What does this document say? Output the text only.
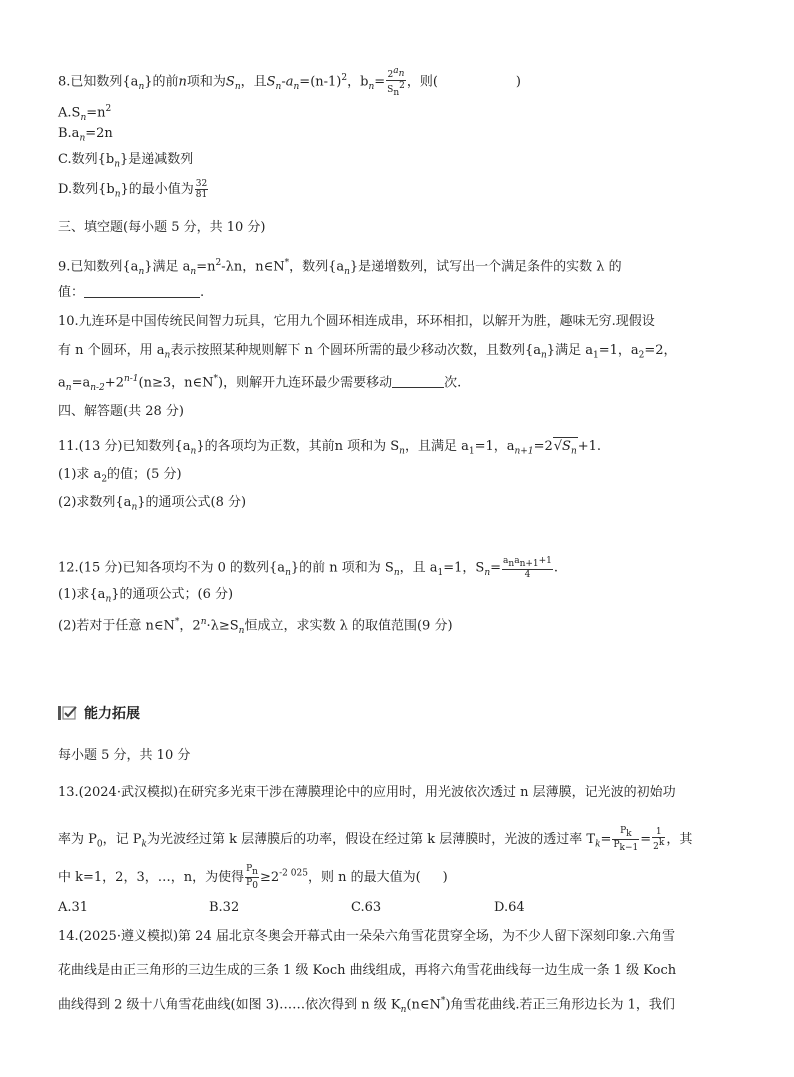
8.已知数列$\{a_n\}$的前n项和为$S_n$，且$S_n-a_n=(n-1)^2$，$b_n= \frac{2^{a_n}}{S_n^2}$ ，则(	)
$A.S_n=n^2$
$B.a_n=2n$
C.数列$\{b_n\}$是递减数列
D.数列$\{b_n\}$的最小值为 $\frac{32}{81}$
三、填空题(每小题 5 分，共 10 分)
9.已知数列$\{a_n\}$满足 $a_n=n^2-\lambda n$，n∈N*，数列$\{a_n\}$是递增数列，试写出一个满足条件的实数 λ 的
值：	.
10.九连环是中国传统民间智力玩具，它用九个圆环相连成串，环环相扣，以解开为胜，趣味无穷.现假设
有 n 个圆环，用 $a_n$表示按照某种规则解下 n 个圆环所需的最少移动次数，且数列$\{a_n\}$满足 $a_1=1$，$a_2=2$，
$a_n=a_{n-2}+2^{n-1}(n\ge 3$，n∈N*)，则解开九连环最少需要移动	次.
四、解答题(共 28 分)
11.(13 分)已知数列$\{a_n\}$的各项均为正数，其前n 项和为 $S_n$，且满足 $a_1=1$，$a_{n+1}=2√S_n+1$.
(1)求 $a_2$的值；(5 分)
(2)求数列$\{a_n\}$的通项公式(8 分)
12.(15 分)已知各项均不为 0 的数列$\{a_n\}$的前 n 项和为 $S_n$，且 $a_1=1$，$S_n= \frac{a_na_{n+1}+1}{4}$ .
(1)求$\{a_n\}$的通项公式；(6 分)
(2)若对于任意 n∈N*，$2^n\cdot\lambda\ge S_n$恒成立，求实数 λ 的取值范围(9 分)
能力拓展
每小题 5 分，共 10 分
13.(2024·武汉模拟)在研究多光束干涉在薄膜理论中的应用时，用光波依次透过 n 层薄膜，记光波的初始功
率为 $P_0$，记 $P_k$为光波经过第 k 层薄膜后的功率，假设在经过第 k 层薄膜时，光波的透过率 $T_k= \frac{P_k}{P_{k-1}} = \frac{1}{2^k}$ ，其
中 k=1，2，3，…，n，为使得 $\frac{P_n}{P_0} \ge 2^{-2 025}$，则 n 的最大值为( )
A.31	B.32	C.63	D.64
14.(2025·遵义模拟)第 24 届北京冬奥会开幕式由一朵朵六角雪花贯穿全场，为不少人留下深刻印象.六角雪
花曲线是由正三角形的三边生成的三条 1 级 Koch 曲线组成，再将六角雪花曲线每一边生成一条 1 级 Koch
曲线得到 2 级十八角雪花曲线(如图 3)……依次得到 n 级 $K_n(n\in N^*)$角雪花曲线.若正三角形边长为 1，我们
